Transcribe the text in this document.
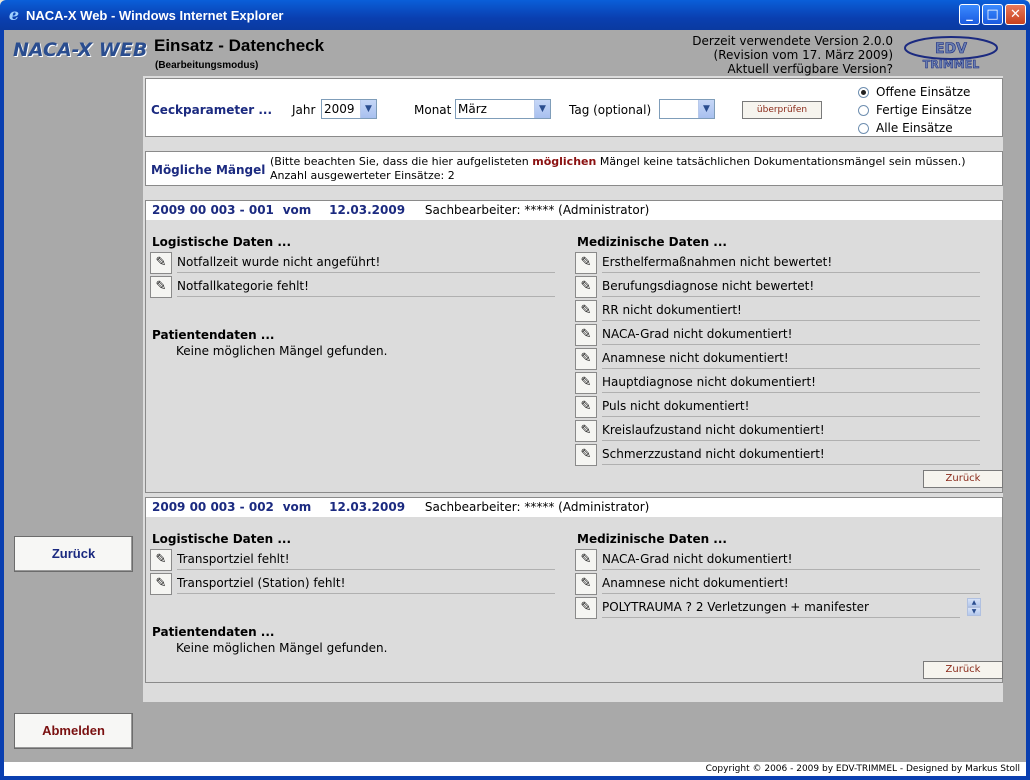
e NACA-X Web - Windows Internet Explorer	_	□ ✕
NACA-X WEB Einsatz - Datencheck
(Bearbeitungsmodus)
Derzeit verwendete Version 2.0.0
(Revision vom 17. März 2009)
Aktuell verfügbare Version?
EDV
TRIMMEL
Zurück
Abmelden
Ceckparameter ... Jahr 2009	▼	Monat März	▼	Tag (optional)	▼	überprüfen
Offene Einsätze
Fertige Einsätze
Alle Einsätze
Mögliche Mängel
(Bitte beachten Sie, dass die hier aufgelisteten möglichen Mängel keine tatsächlichen Dokumentationsmängel sein müssen.)
Anzahl ausgewerteter Einsätze: 2
2009 00 003 - 001 vom 12.03.2009 Sachbearbeiter: ***** (Administrator)
Logistische Daten ...
✎ Notfallzeit wurde nicht angeführt!
✎ Notfallkategorie fehlt!
Patientendaten ...
Keine möglichen Mängel gefunden.
Medizinische Daten ...
✎ Ersthelfermaßnahmen nicht bewertet!
✎ Berufungsdiagnose nicht bewertet!
✎ RR nicht dokumentiert!
✎ NACA-Grad nicht dokumentiert!
✎ Anamnese nicht dokumentiert!
✎ Hauptdiagnose nicht dokumentiert!
✎ Puls nicht dokumentiert!
✎ Kreislaufzustand nicht dokumentiert!
✎ Schmerzzustand nicht dokumentiert!
Zurück
2009 00 003 - 002 vom 12.03.2009 Sachbearbeiter: ***** (Administrator)
Logistische Daten ...
✎ Transportziel fehlt!
✎ Transportziel (Station) fehlt!
Patientendaten ...
Keine möglichen Mängel gefunden.
Medizinische Daten ...
✎ NACA-Grad nicht dokumentiert!
✎ Anamnese nicht dokumentiert!
✎ POLYTRAUMA ? 2 Verletzungen + manifester	▲
▼
Zurück
Copyright © 2006 - 2009 by EDV-TRIMMEL - Designed by Markus Stoll
